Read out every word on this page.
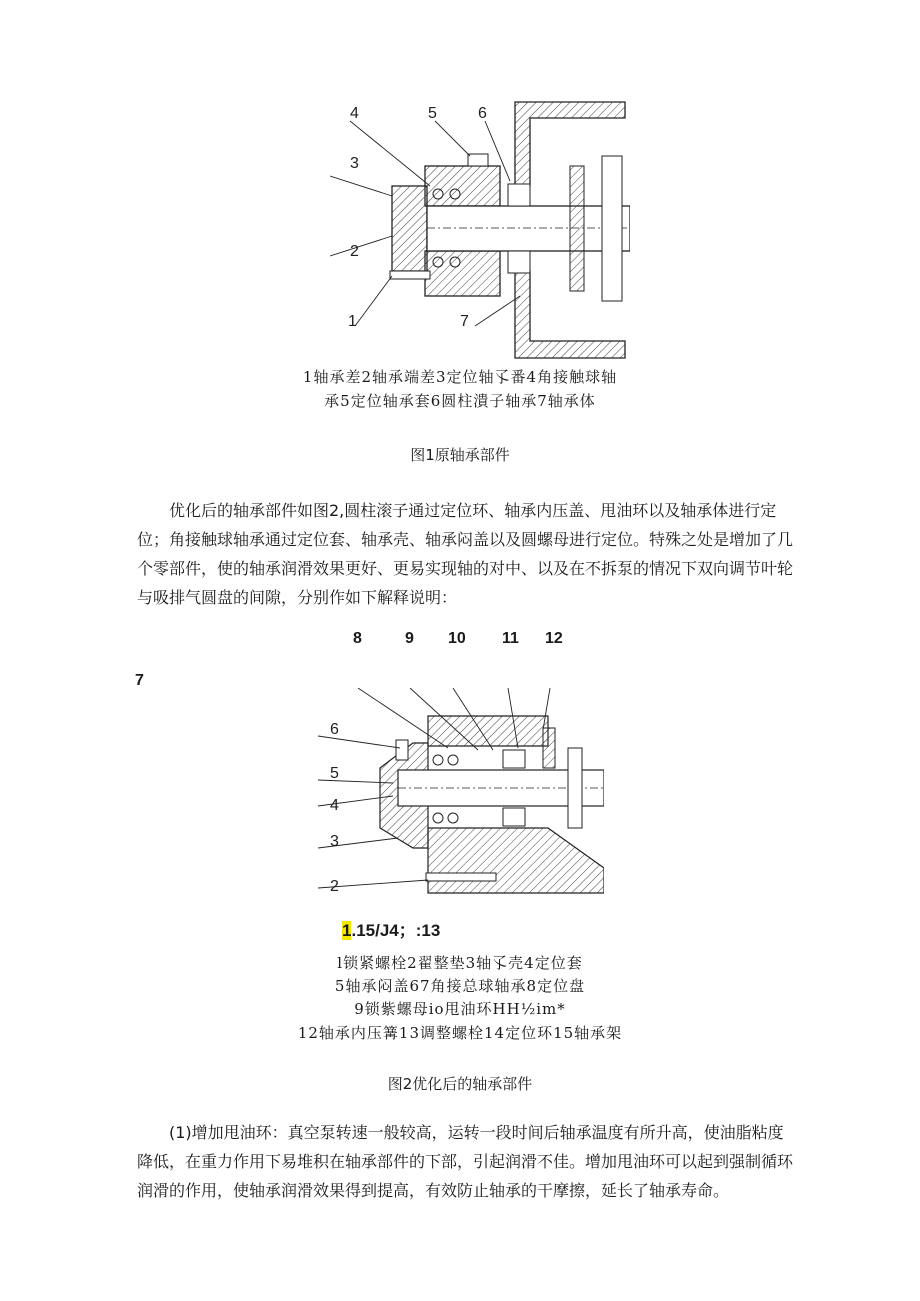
4	5	6
3
2
1	7
1轴承差2轴承端差3定位轴孓番4角接触球轴
承5定位轴承套6圆柱潰子轴承7轴承体
图1原轴承部件

优化后的轴承部件如图2,圆柱滚子通过定位环、轴承内压盖、甩油环以及轴承体进行定位；角接触球轴承通过定位套、轴承壳、轴承闷盖以及圆螺母进行定位。特殊之处是增加了几个零部件，使的轴承润滑效果更好、更易实现轴的对中、以及在不拆泵的情况下双向调节叶轮与吸排气圆盘的间隙，分别作如下解释说明：

8	9 10 11 12
7
6
5
4
3
2
1.15/J4；:13
l锁紧螺栓2翟整垫3轴孓壳4定位套
5轴承闷盖67角接总球轴承8定位盘
9锁紫螺母io甩油环HH½im*
12轴承内压篝13调整螺栓14定位环15轴承架
图2优化后的轴承部件

(1)增加甩油环：真空泵转速一般较高，运转一段时间后轴承温度有所升高，使油脂粘度降低，在重力作用下易堆积在轴承部件的下部，引起润滑不佳。增加甩油环可以起到强制循环润滑的作用，使轴承润滑效果得到提高，有效防止轴承的干摩擦，延长了轴承寿命。
